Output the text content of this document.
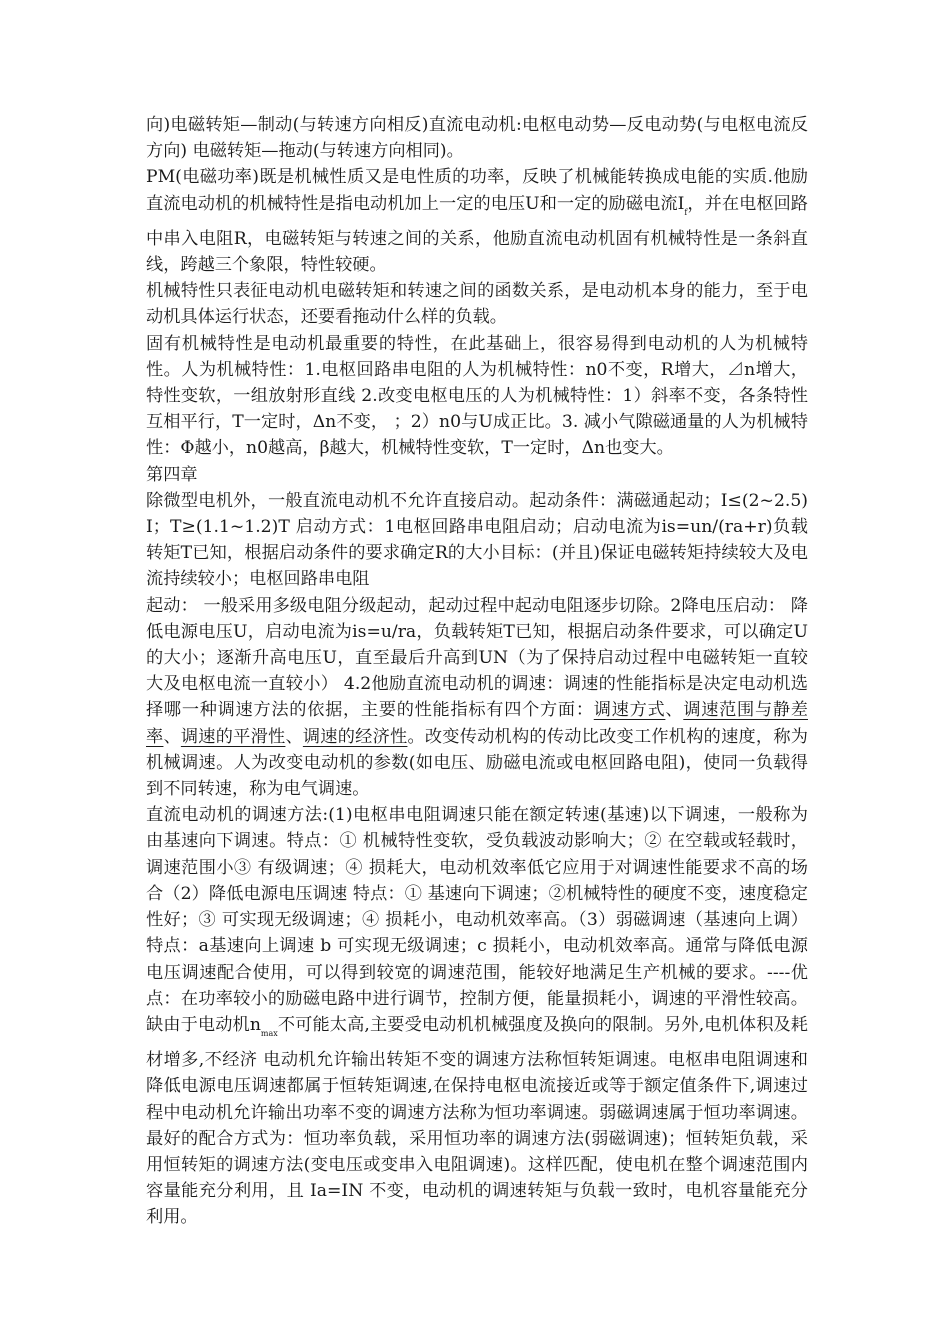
向)电磁转矩—制动(与转速方向相反)直流电动机:电枢电动势—反电动势(与电枢电流反方向) 电磁转矩—拖动(与转速方向相同)。

PM(电磁功率)既是机械性质又是电性质的功率，反映了机械能转换成电能的实质.他励直流电动机的机械特性是指电动机加上一定的电压U和一定的励磁电流$I_f$，并在电枢回路中串入电阻R，电磁转矩与转速之间的关系，他励直流电动机固有机械特性是一条斜直线，跨越三个象限，特性较硬。

机械特性只表征电动机电磁转矩和转速之间的函数关系，是电动机本身的能力，至于电动机具体运行状态，还要看拖动什么样的负载。

固有机械特性是电动机最重要的特性，在此基础上，很容易得到电动机的人为机械特性。人为机械特性：1.电枢回路串电阻的人为机械特性：n0不变，R增大，⊿n增大，特性变软，一组放射形直线 2.改变电枢电压的人为机械特性：1）斜率不变，各条特性互相平行，T一定时，Δn不变， ；2）n0与U成正比。3. 减小气隙磁通量的人为机械特性：Φ越小，n0越高，β越大，机械特性变软，T一定时，Δn也变大。

第四章

除微型电机外，一般直流电动机不允许直接启动。起动条件：满磁通起动；I≤(2~2.5)I；T≥(1.1~1.2)T 启动方式：1电枢回路串电阻启动；启动电流为is=un/(ra+r)负载转矩T已知，根据启动条件的要求确定R的大小目标：(并且)保证电磁转矩持续较大及电流持续较小；电枢回路串电阻

起动： 一般采用多级电阻分级起动，起动过程中起动电阻逐步切除。2降电压启动： 降低电源电压U，启动电流为is=u/ra，负载转矩T已知，根据启动条件要求，可以确定U的大小；逐渐升高电压U，直至最后升高到UN（为了保持启动过程中电磁转矩一直较大及电枢电流一直较小） 4.2他励直流电动机的调速：调速的性能指标是决定电动机选择哪一种调速方法的依据，主要的性能指标有四个方面：调速方式、调速范围与静差率、调速的平滑性、调速的经济性。改变传动机构的传动比改变工作机构的速度，称为机械调速。人为改变电动机的参数(如电压、励磁电流或电枢回路电阻)，使同一负载得到不同转速，称为电气调速。

直流电动机的调速方法:(1)电枢串电阻调速只能在额定转速(基速)以下调速，一般称为由基速向下调速。特点：① 机械特性变软，受负载波动影响大；② 在空载或轻载时，调速范围小③ 有级调速；④ 损耗大，电动机效率低它应用于对调速性能要求不高的场合（2）降低电源电压调速 特点：① 基速向下调速；②机械特性的硬度不变，速度稳定性好；③ 可实现无级调速；④ 损耗小，电动机效率高。（3）弱磁调速（基速向上调）特点：a基速向上调速 b 可实现无级调速；c 损耗小，电动机效率高。通常与降低电源电压调速配合使用，可以得到较宽的调速范围，能较好地满足生产机械的要求。----优点：在功率较小的励磁电路中进行调节，控制方便，能量损耗小，调速的平滑性较高。缺由于电动机$n_{max}$不可能太高,主要受电动机机械强度及换向的限制。另外,电机体积及耗材增多,不经济 电动机允许输出转矩不变的调速方法称恒转矩调速。电枢串电阻调速和降低电源电压调速都属于恒转矩调速,在保持电枢电流接近或等于额定值条件下,调速过程中电动机允许输出功率不变的调速方法称为恒功率调速。弱磁调速属于恒功率调速。最好的配合方式为：恒功率负载，采用恒功率的调速方法(弱磁调速)；恒转矩负载，采用恒转矩的调速方法(变电压或变串入电阻调速)。这样匹配，使电机在整个调速范围内容量能充分利用，且 Ia=IN 不变，电动机的调速转矩与负载一致时，电机容量能充分利用。
